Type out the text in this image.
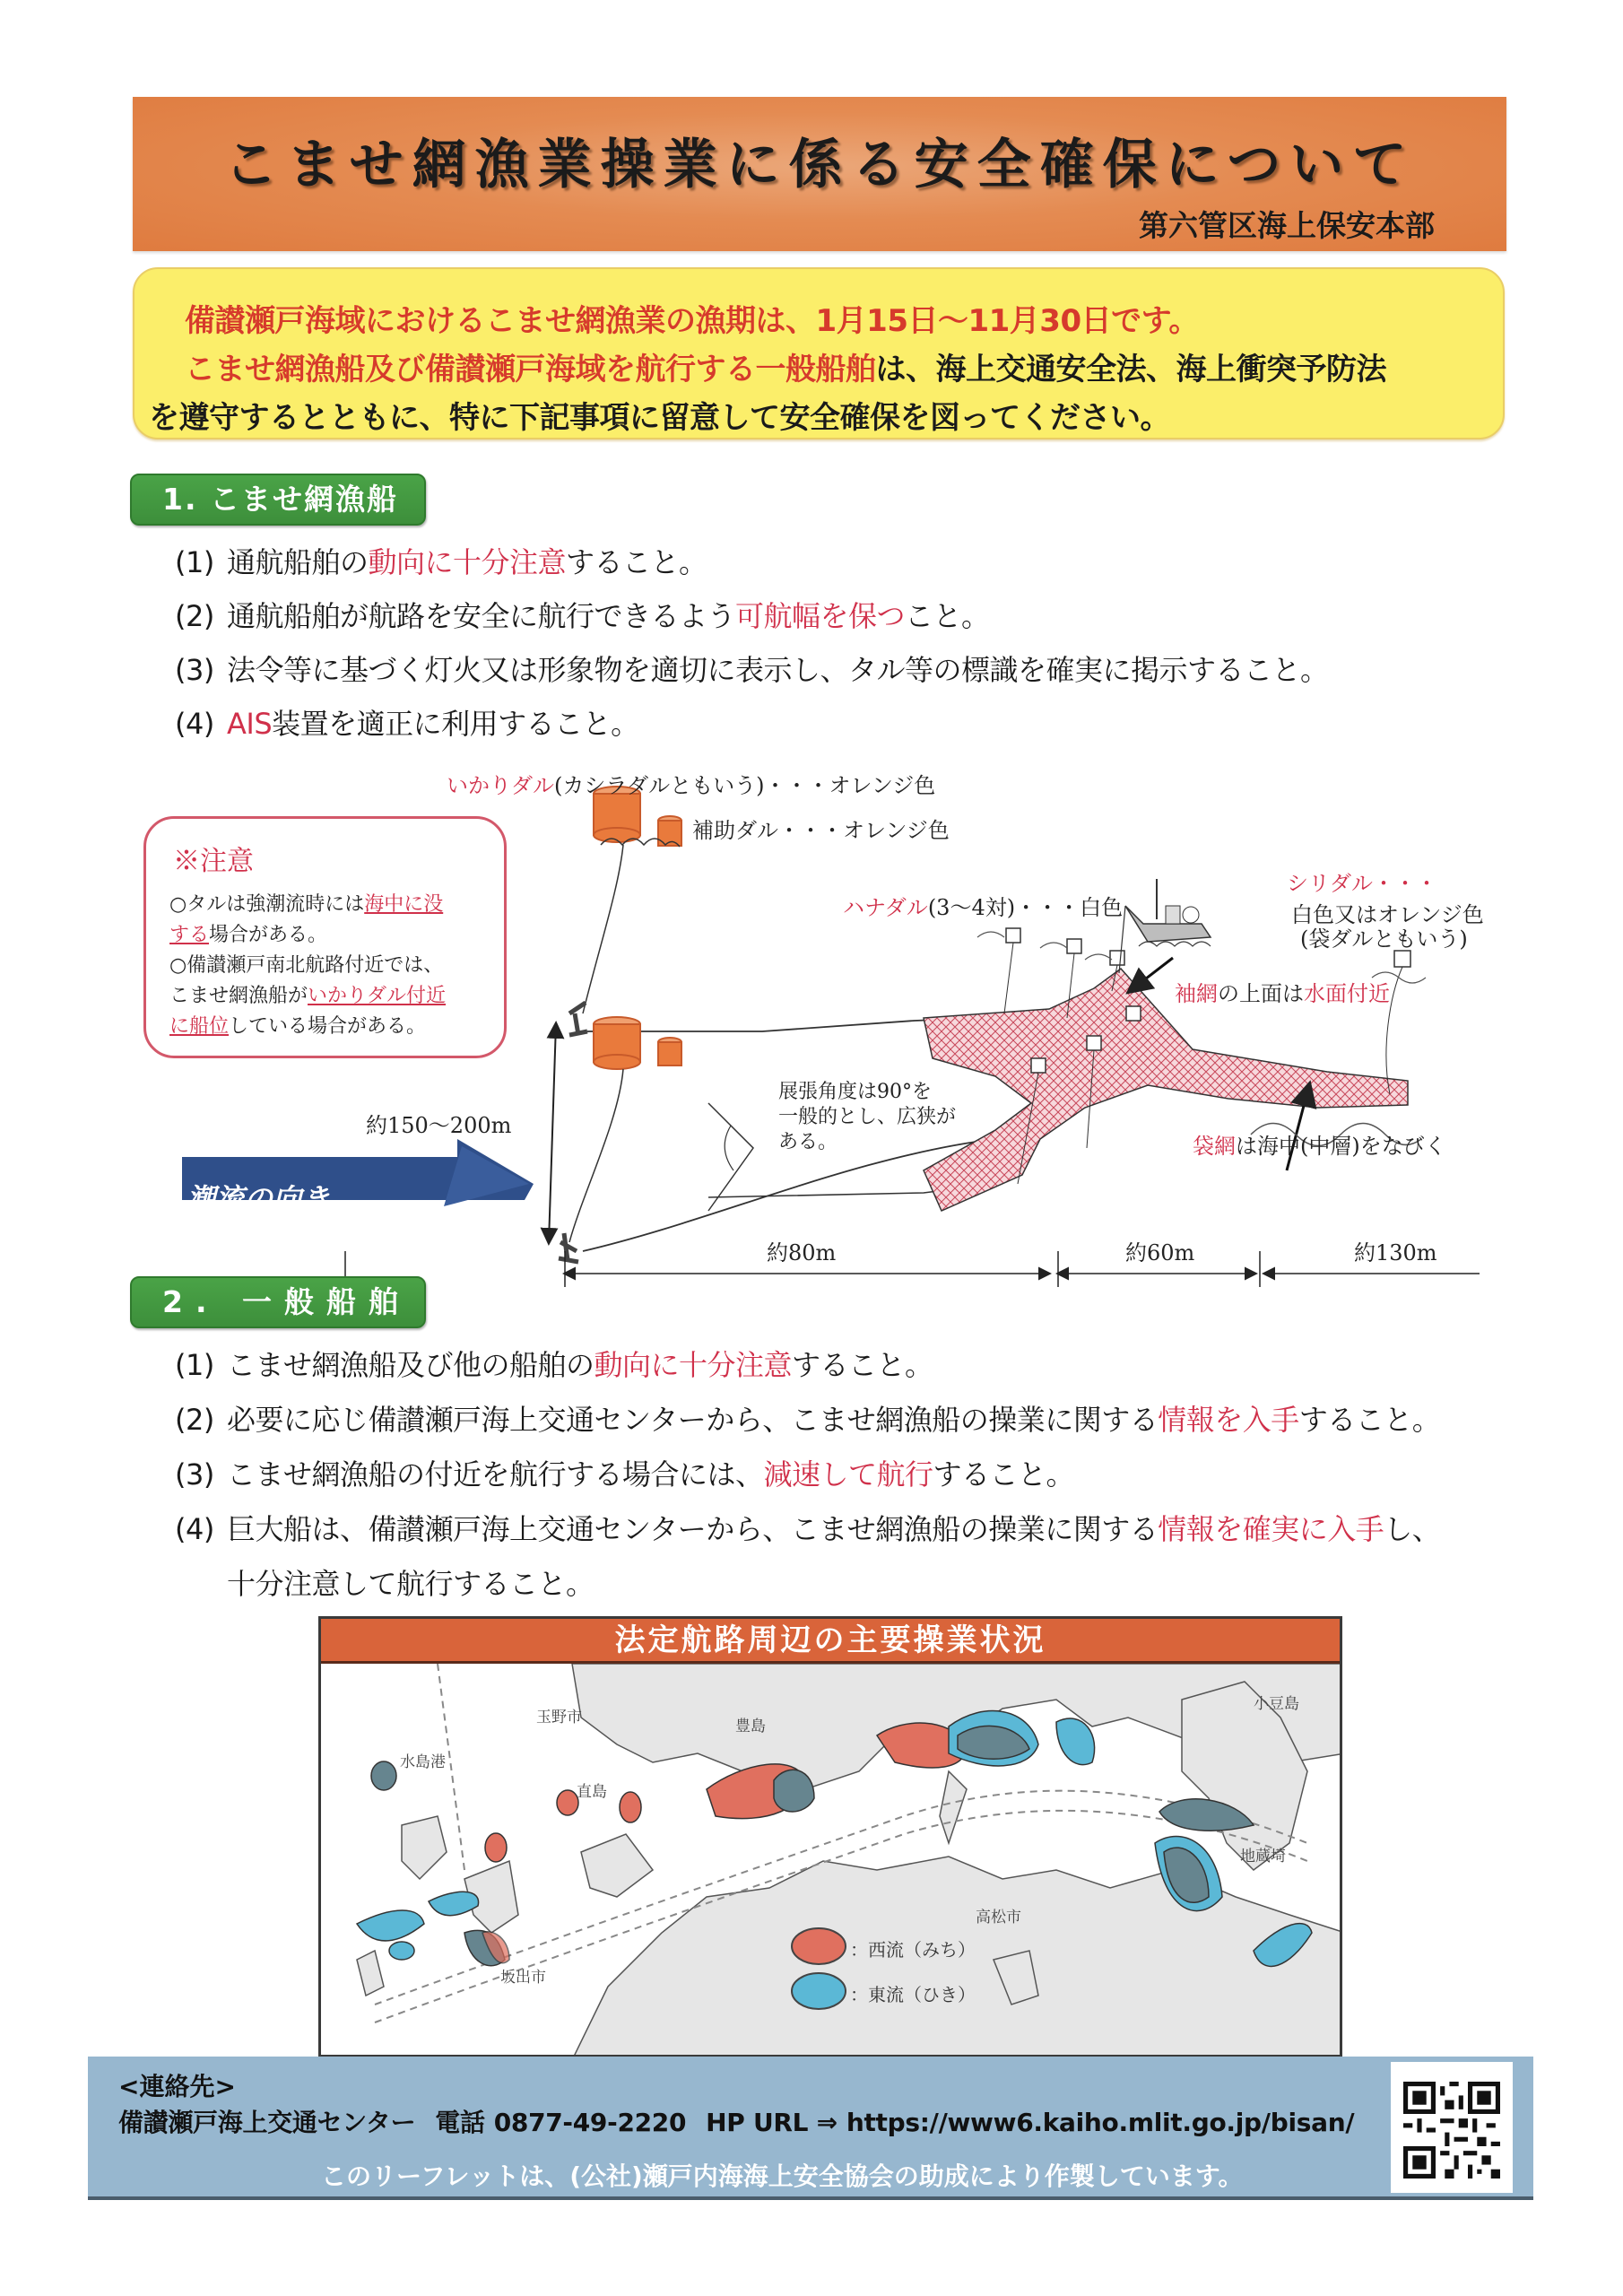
こませ網漁業操業に係る安全確保について
第六管区海上保安本部
備讃瀬戸海域におけるこませ網漁業の漁期は、1月15日〜11月30日です。
こませ網漁船及び備讃瀬戸海域を航行する一般船舶は、海上交通安全法、海上衝突予防法
を遵守するとともに、特に下記事項に留意して安全確保を図ってください。
1. こませ網漁船
(1) 通航船舶の動向に十分注意すること。
(2) 通航船舶が航路を安全に航行できるよう可航幅を保つこと。
(3) 法令等に基づく灯火又は形象物を適切に表示し、タル等の標識を確実に掲示すること。
(4) AIS装置を適正に利用すること。
※注意
○タルは強潮流時には海中に没
する場合がある。
○備讃瀬戸南北航路付近では、
こませ網漁船がいかりダル付近
に船位している場合がある。
いかりダル(カシラダルともいう)・・・オレンジ色
補助ダル・・・オレンジ色
ハナダル(3〜4対)・・・白色
シリダル・・・
白色又はオレンジ色
(袋ダルともいう)
袖網の上面は水面付近
袋網は海中(中層)をなびく
展張角度は90°を
一般的とし、広狭が
ある。
約150〜200m
約80m	約60m	約130m
潮流の向き
2. 一般船舶
(1) こませ網漁船及び他の船舶の動向に十分注意すること。
(2) 必要に応じ備讃瀬戸海上交通センターから、こませ網漁船の操業に関する情報を入手すること。
(3) こませ網漁船の付近を航行する場合には、減速して航行すること。
(4) 巨大船は、備讃瀬戸海上交通センターから、こませ網漁船の操業に関する情報を確実に入手し、
十分注意して航行すること。
法定航路周辺の主要操業状況
玉野市	豊島
小豆島
水島港
直島
地蔵埼
高松市
坂出市
：西流（みち）
：東流（ひき）
<連絡先>
備讃瀬戸海上交通センター 電話 0877-49-2220 HP URL ⇒ https://www6.kaiho.mlit.go.jp/bisan/
このリーフレットは、(公社)瀬戸内海海上安全協会の助成により作製しています。
